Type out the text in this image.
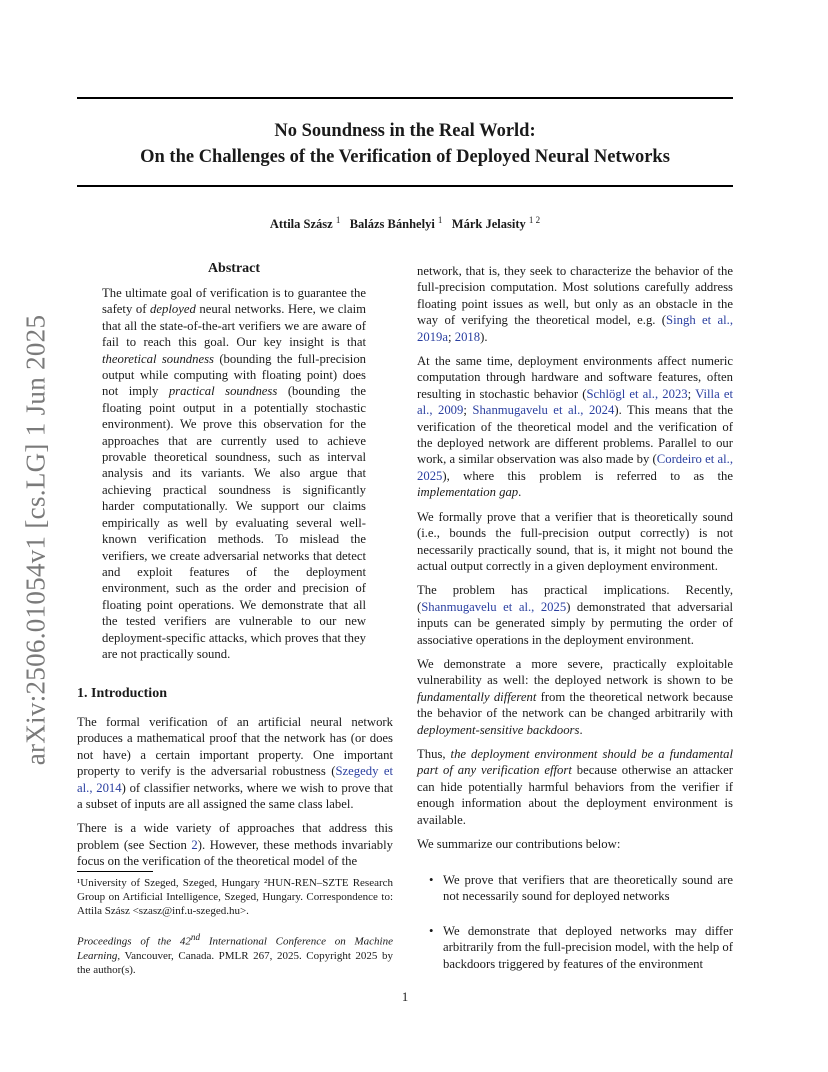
arXiv:2506.01054v1 [cs.LG] 1 Jun 2025
No Soundness in the Real World:
On the Challenges of the Verification of Deployed Neural Networks
Attila Szász $^1$ Balázs Bánhelyi $^1$ Márk Jelasity $^{1 2}$
Abstract

The ultimate goal of verification is to guarantee the safety of deployed neural networks. Here, we claim that all the state-of-the-art verifiers we are aware of fail to reach this goal. Our key insight is that theoretical soundness (bounding the full-precision output while computing with floating point) does not imply practical soundness (bounding the floating point output in a potentially stochastic environment). We prove this observation for the approaches that are currently used to achieve provable theoretical soundness, such as interval analysis and its variants. We also argue that achieving practical soundness is significantly harder computationally. We support our claims empirically as well by evaluating several well-known verification methods. To mislead the verifiers, we create adversarial networks that detect and exploit features of the deployment environment, such as the order and precision of floating point operations. We demonstrate that all the tested verifiers are vulnerable to our new deployment-specific attacks, which proves that they are not practically sound.

1. Introduction

The formal verification of an artificial neural network produces a mathematical proof that the network has (or does not have) a certain important property. One important property to verify is the adversarial robustness (Szegedy et al., 2014) of classifier networks, where we wish to prove that a subset of inputs are all assigned the same class label.

There is a wide variety of approaches that address this problem (see Section 2). However, these methods invariably focus on the verification of the theoretical model of the

¹University of Szeged, Szeged, Hungary ²HUN-REN–SZTE Research Group on Artificial Intelligence, Szeged, Hungary. Correspondence to: Attila Szász <szasz@inf.u-szeged.hu>.
Proceedings of the 42nd International Conference on Machine Learning, Vancouver, Canada. PMLR 267, 2025. Copyright 2025 by the author(s).

network, that is, they seek to characterize the behavior of the full-precision computation. Most solutions carefully address floating point issues as well, but only as an obstacle in the way of verifying the theoretical model, e.g. (Singh et al., 2019a; 2018).

At the same time, deployment environments affect numeric computation through hardware and software features, often resulting in stochastic behavior (Schlögl et al., 2023; Villa et al., 2009; Shanmugavelu et al., 2024). This means that the verification of the theoretical model and the verification of the deployed network are different problems. Parallel to our work, a similar observation was also made by (Cordeiro et al., 2025), where this problem is referred to as the implementation gap.

We formally prove that a verifier that is theoretically sound (i.e., bounds the full-precision output correctly) is not necessarily practically sound, that is, it might not bound the actual output correctly in a given deployment environment.

The problem has practical implications. Recently, (Shanmugavelu et al., 2025) demonstrated that adversarial inputs can be generated simply by permuting the order of associative operations in the deployment environment.

We demonstrate a more severe, practically exploitable vulnerability as well: the deployed network is shown to be fundamentally different from the theoretical network because the behavior of the network can be changed arbitrarily with deployment-sensitive backdoors.

Thus, the deployment environment should be a fundamental part of any verification effort because otherwise an attacker can hide potentially harmful behaviors from the verifier if enough information about the deployment environment is available.

We summarize our contributions below:

• We prove that verifiers that are theoretically sound are not necessarily sound for deployed networks
• We demonstrate that deployed networks may differ arbitrarily from the full-precision model, with the help of backdoors triggered by features of the environment
1
